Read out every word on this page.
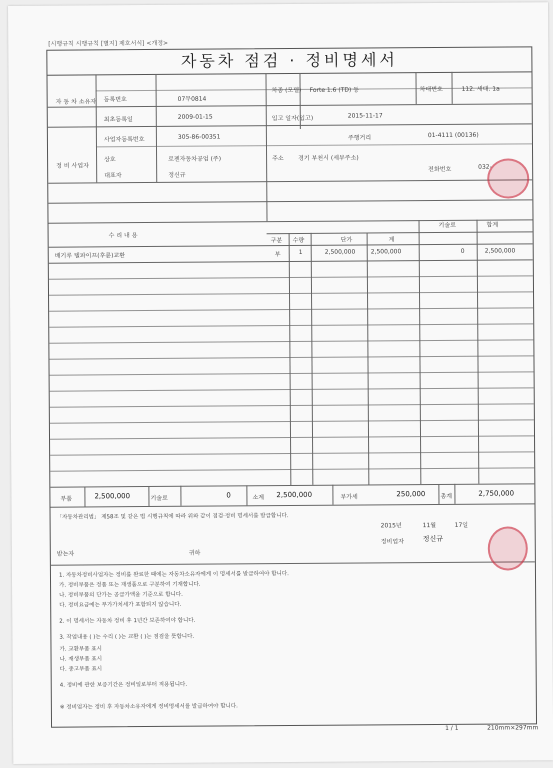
[시행규칙 시행규칙 [별지] 제호서식] <개정>
자동차 점검 · 정비명세서
자 동 차 소유자 등록번호	07무0814
차종 (모델) Forte 1.6 (TD) 등	차대번호	112. 세대. 1a
최초등록일	2009-01-15	입고 일자(입고)	2015-11-17
주행거리	01-4111 (00136)
정 비 사업자
사업자등록번호	305-86-00351
상호	로젠자동차공업 (주)	주소 경기 부천시 (세부주소)
대표자	정신규
전화번호	032-
수 리 내 용
구분 수량	단가	계
기술료	합계
배기루 텔파이프(후륜)교환	부	1	2,500,000	2,500,000	0	2,500,000
부품	2,500,000	기술료	0	소계 2,500,000	부가세	250,000	총계	2,750,000
「자동차관리법」 제58조 및 같은 법 시행규칙에 따라 위와 같이 점검·정비 명세서를 발급합니다.
2015년	11월	17일
정비업자	정신규
받는자	귀하
1. 자동차정비사업자는 정비를 완료한 때에는 자동차소유자에게 이 명세서를 발급하여야 합니다.
가. 정비부품은 정품 또는 재생품으로 구분하여 기재합니다.
나. 정비부품의 단가는 공급가액을 기준으로 합니다.
다. 정비요금에는 부가가치세가 포함되지 않습니다.
2. 이 명세서는 자동차 정비 후 1년간 보존하여야 합니다.
3. 작업내용 ( )는 수리 ( )는 교환 ( )는 점검을 뜻합니다.
가. 교환부품 표시
나. 재생부품 표시
다. 중고부품 표시
4. 정비에 관한 보증기간은 정비일로부터 적용됩니다.
※ 정비업자는 정비 후 자동차소유자에게 정비명세서를 발급하여야 합니다.
1 / 1	210mm×297mm
